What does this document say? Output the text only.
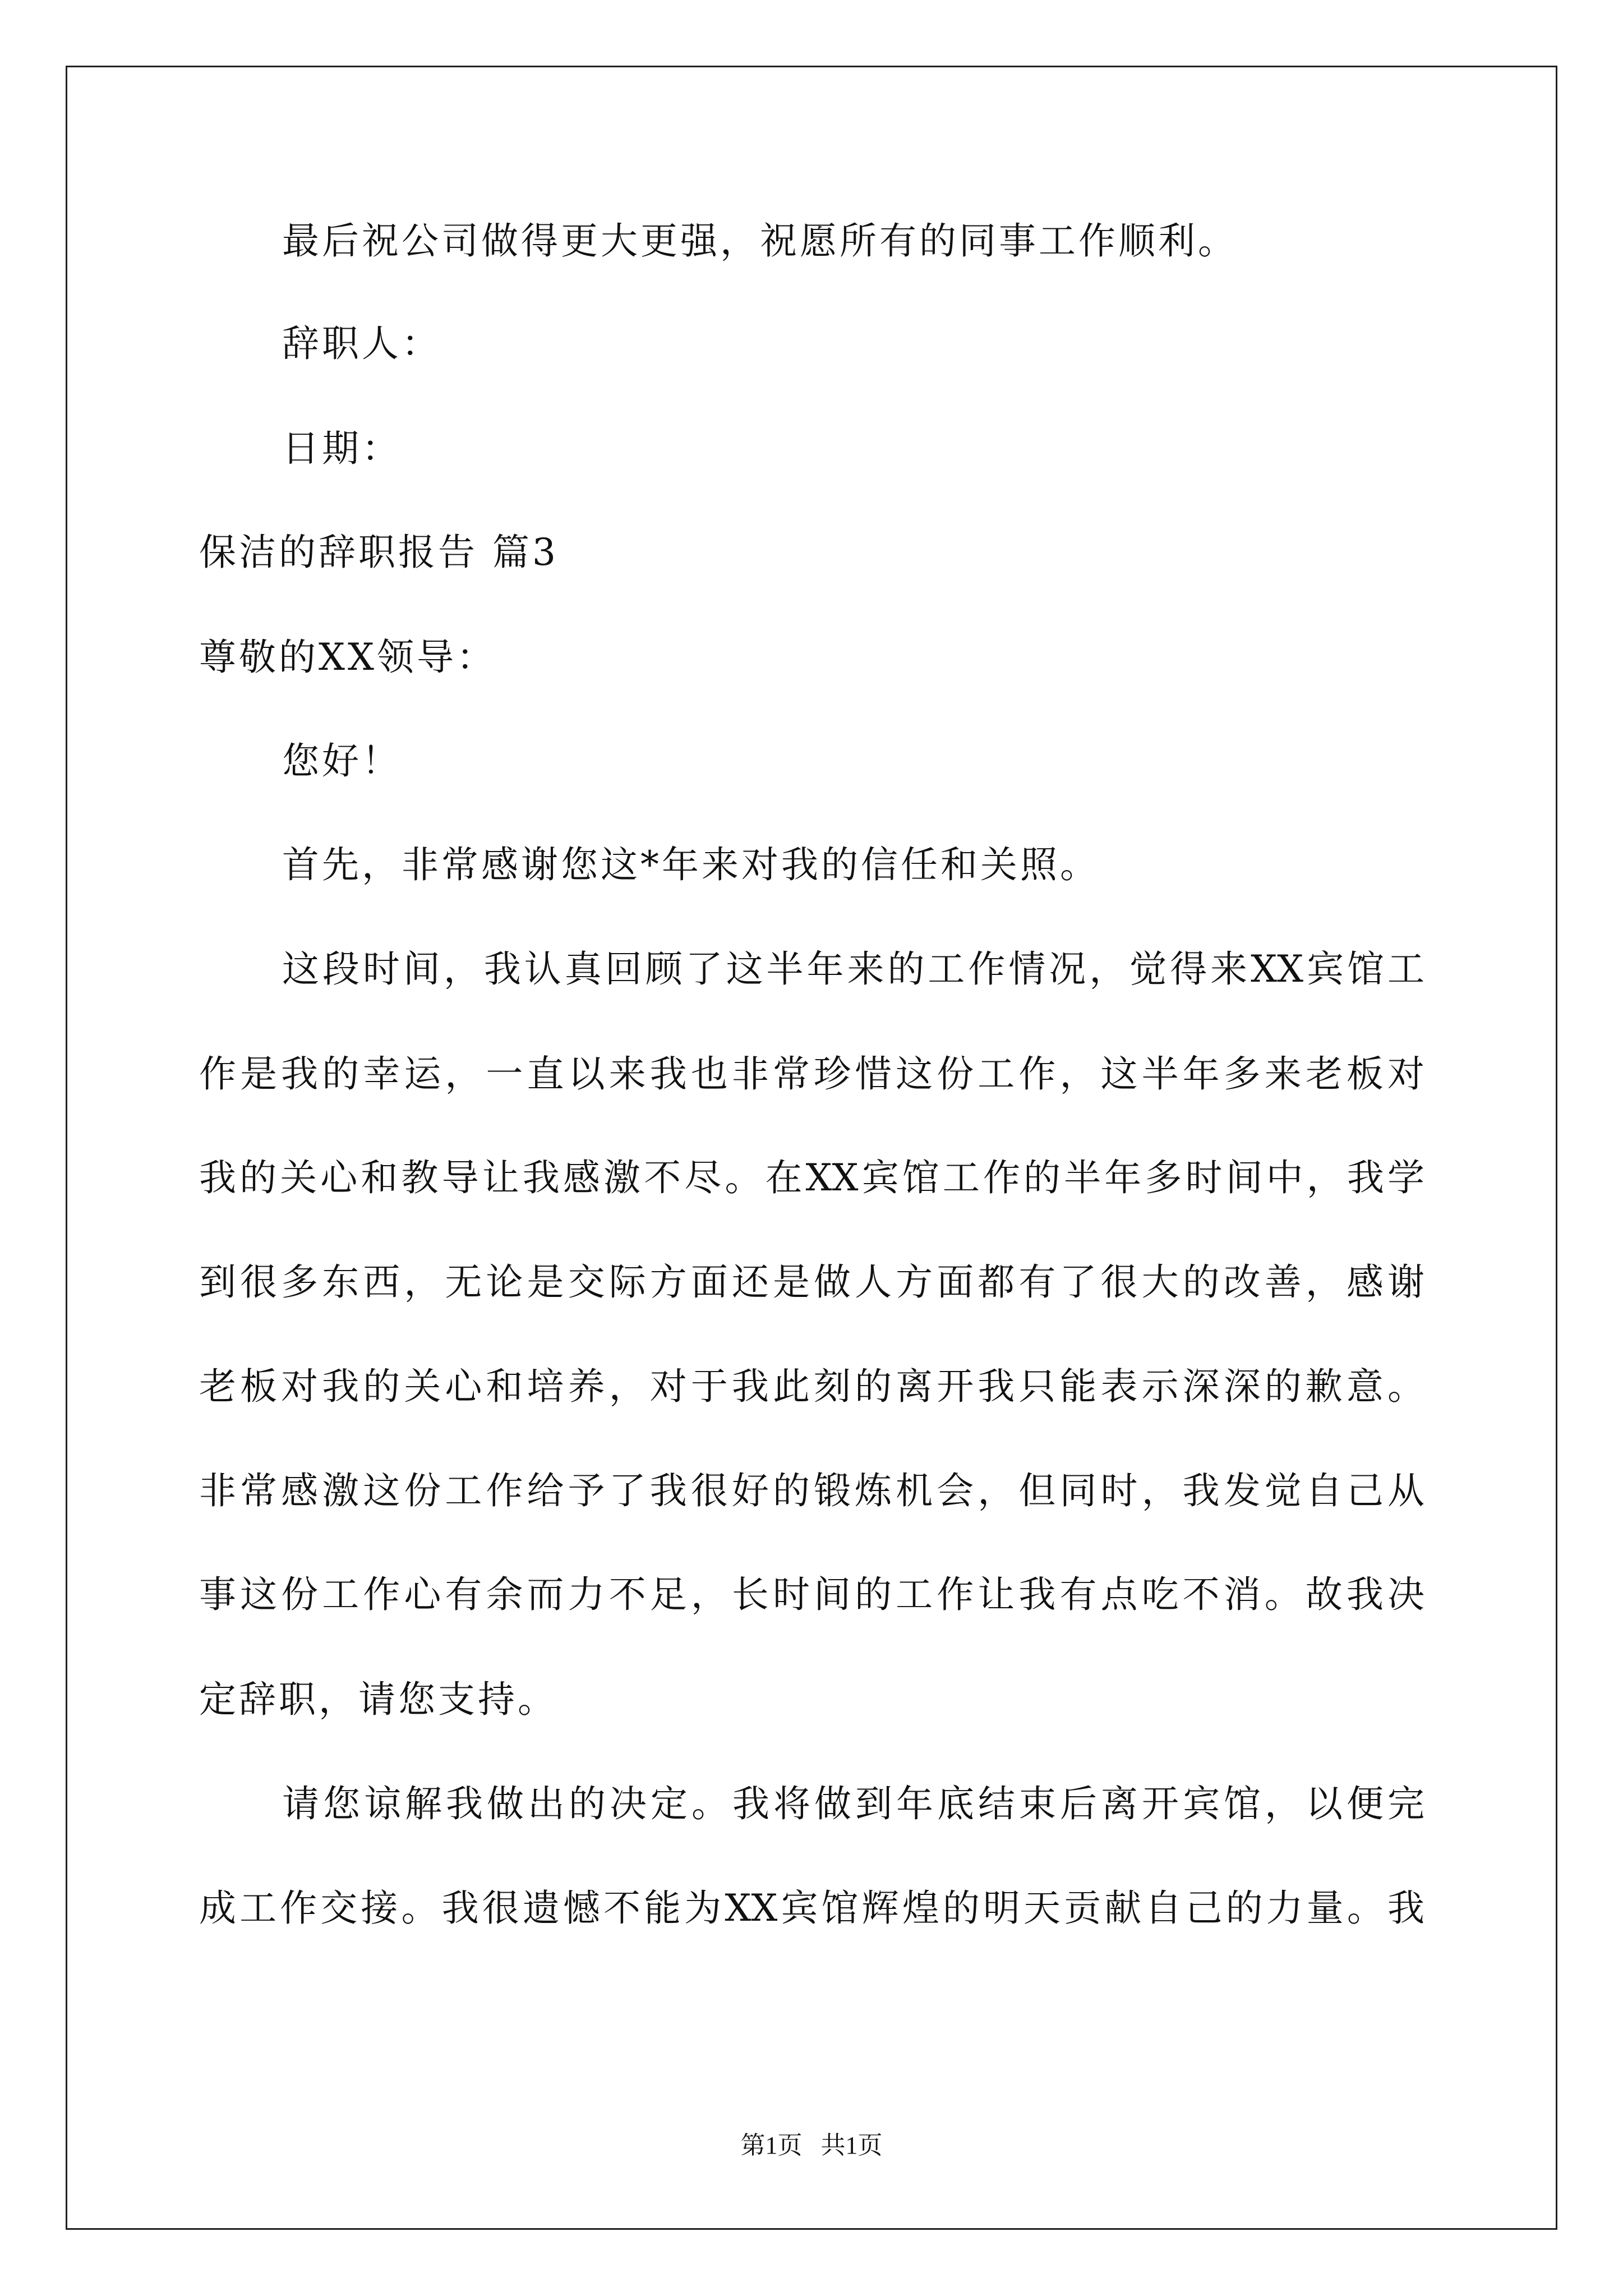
最后祝公司做得更大更强，祝愿所有的同事工作顺利。
辞职人：
日期：
保洁的辞职报告 篇3
尊敬的XX领导：
您好！
首先，非常感谢您这*年来对我的信任和关照。
这段时间，我认真回顾了这半年来的工作情况，觉得来XX宾馆工
作是我的幸运，一直以来我也非常珍惜这份工作，这半年多来老板对
我的关心和教导让我感激不尽。在XX宾馆工作的半年多时间中，我学
到很多东西，无论是交际方面还是做人方面都有了很大的改善，感谢
老板对我的关心和培养，对于我此刻的离开我只能表示深深的歉意。
非常感激这份工作给予了我很好的锻炼机会，但同时，我发觉自己从
事这份工作心有余而力不足，长时间的工作让我有点吃不消。故我决
定辞职，请您支持。
请您谅解我做出的决定。我将做到年底结束后离开宾馆，以便完
成工作交接。我很遗憾不能为XX宾馆辉煌的明天贡献自己的力量。我
第1页   共1页
